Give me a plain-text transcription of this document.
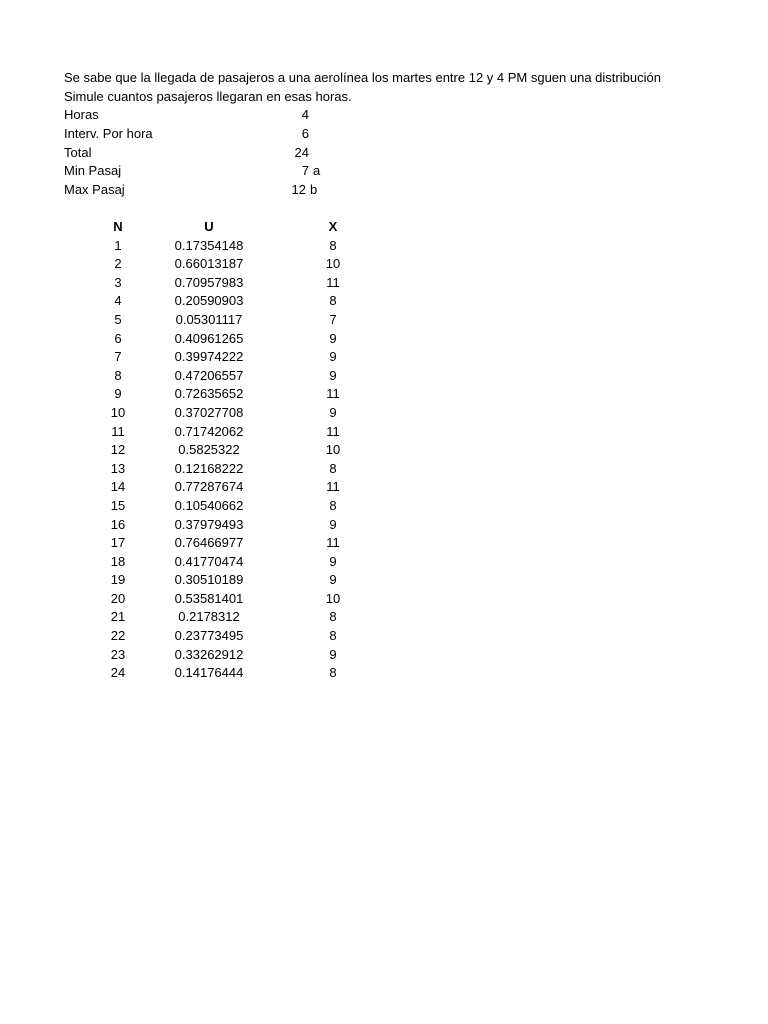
Se sabe que la llegada de pasajeros a una aerolínea los martes entre 12 y 4 PM sguen una distribución
Simule cuantos pasajeros llegaran en esas horas.
Horas	4
Interv. Por hora	6
Total	24
Min Pasaj	7 a
Max Pasaj	12 b
N	U	X
1	0.17354148	8
2	0.66013187	10
3	0.70957983	11
4	0.20590903	8
5	0.05301117	7
6	0.40961265	9
7	0.39974222	9
8	0.47206557	9
9	0.72635652	11
10	0.37027708	9
11	0.71742062	11
12	0.5825322	10
13	0.12168222	8
14	0.77287674	11
15	0.10540662	8
16	0.37979493	9
17	0.76466977	11
18	0.41770474	9
19	0.30510189	9
20	0.53581401	10
21	0.2178312	8
22	0.23773495	8
23	0.33262912	9
24	0.14176444	8
